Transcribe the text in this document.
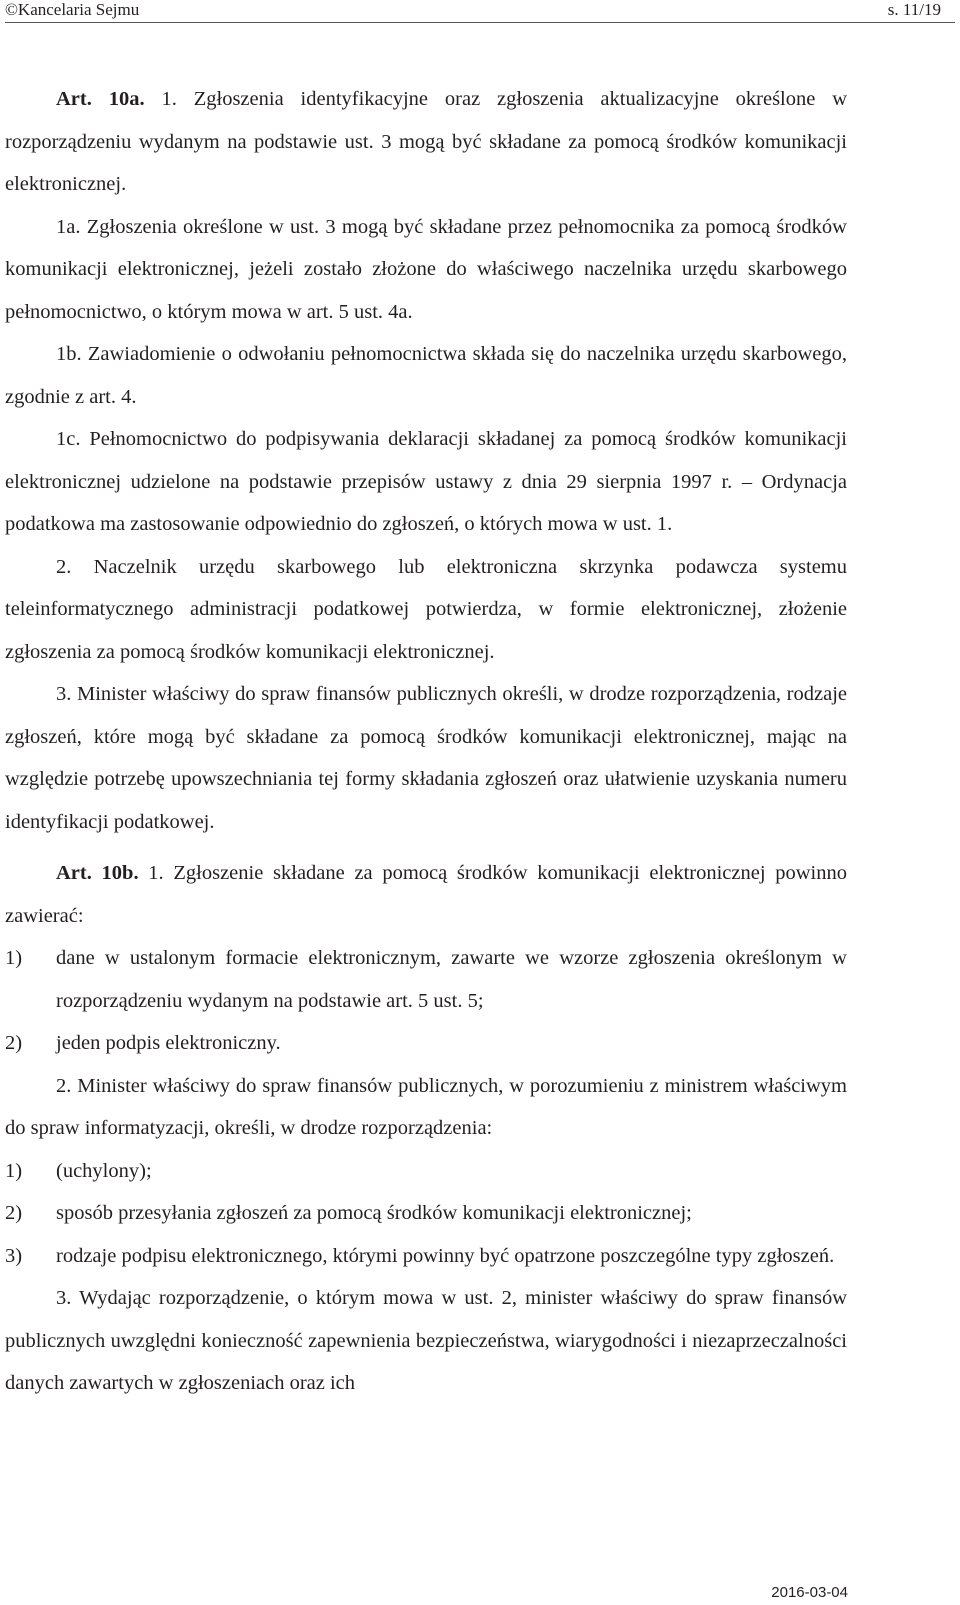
©Kancelaria Sejmu	s. 11/19

Art. 10a. 1. Zgłoszenia identyfikacyjne oraz zgłoszenia aktualizacyjne określone w rozporządzeniu wydanym na podstawie ust. 3 mogą być składane za pomocą środków komunikacji elektronicznej.

1a. Zgłoszenia określone w ust. 3 mogą być składane przez pełnomocnika za pomocą środków komunikacji elektronicznej, jeżeli zostało złożone do właściwego naczelnika urzędu skarbowego pełnomocnictwo, o którym mowa w art. 5 ust. 4a.

1b. Zawiadomienie o odwołaniu pełnomocnictwa składa się do naczelnika urzędu skarbowego, zgodnie z art. 4.

1c. Pełnomocnictwo do podpisywania deklaracji składanej za pomocą środków komunikacji elektronicznej udzielone na podstawie przepisów ustawy z dnia 29 sierpnia 1997 r. – Ordynacja podatkowa ma zastosowanie odpowiednio do zgłoszeń, o których mowa w ust. 1.

2. Naczelnik urzędu skarbowego lub elektroniczna skrzynka podawcza systemu teleinformatycznego administracji podatkowej potwierdza, w formie elektronicznej, złożenie zgłoszenia za pomocą środków komunikacji elektronicznej.

3. Minister właściwy do spraw finansów publicznych określi, w drodze rozporządzenia, rodzaje zgłoszeń, które mogą być składane za pomocą środków komunikacji elektronicznej, mając na względzie potrzebę upowszechniania tej formy składania zgłoszeń oraz ułatwienie uzyskania numeru identyfikacji podatkowej.

Art. 10b. 1. Zgłoszenie składane za pomocą środków komunikacji elektronicznej powinno zawierać:

1)	dane w ustalonym formacie elektronicznym, zawarte we wzorze zgłoszenia określonym w rozporządzeniu wydanym na podstawie art. 5 ust. 5;
2)	jeden podpis elektroniczny.

2. Minister właściwy do spraw finansów publicznych, w porozumieniu z ministrem właściwym do spraw informatyzacji, określi, w drodze rozporządzenia:

1)	(uchylony);
2)	sposób przesyłania zgłoszeń za pomocą środków komunikacji elektronicznej;
3)	rodzaje podpisu elektronicznego, którymi powinny być opatrzone poszczególne typy zgłoszeń.

3. Wydając rozporządzenie, o którym mowa w ust. 2, minister właściwy do spraw finansów publicznych uwzględni konieczność zapewnienia bezpieczeństwa, wiarygodności i niezaprzeczalności danych zawartych w zgłoszeniach oraz ich

2016-03-04
